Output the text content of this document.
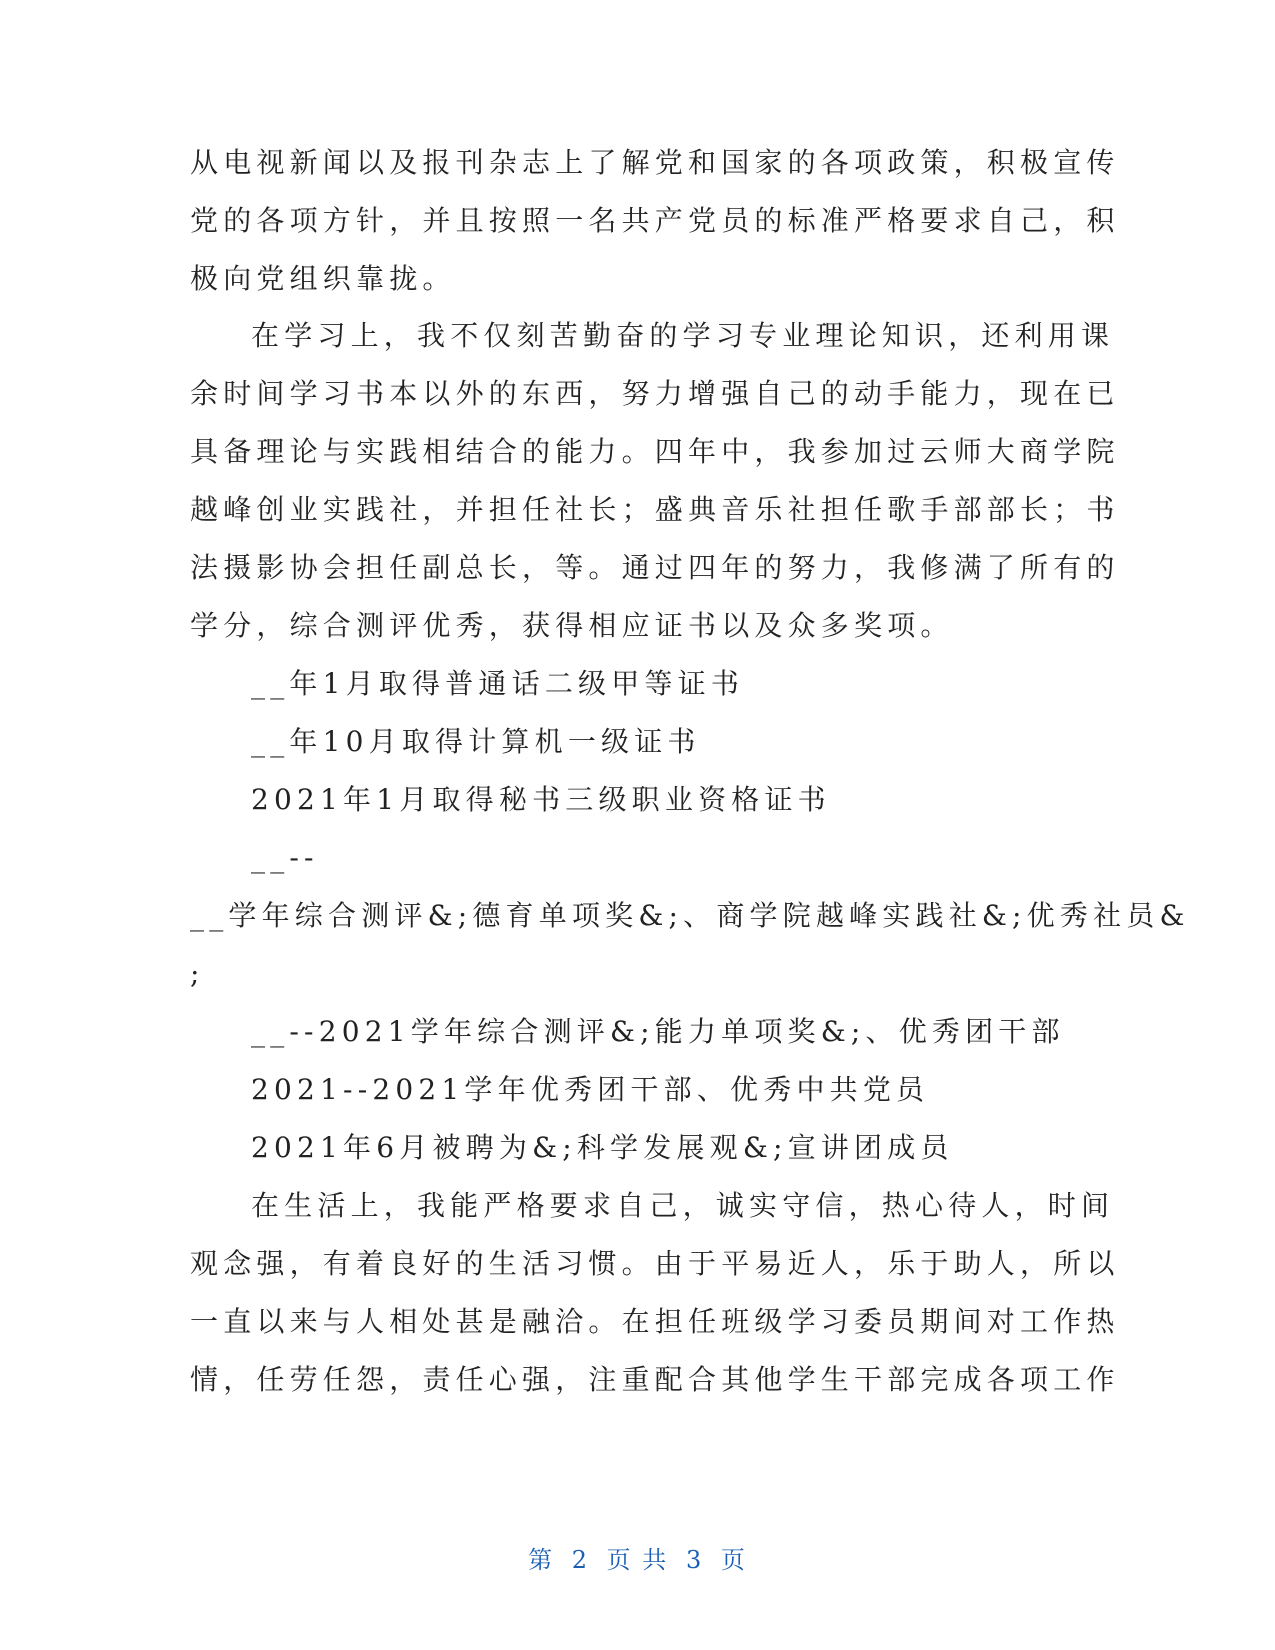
从电视新闻以及报刊杂志上了解党和国家的各项政策，积极宣传
党的各项方针，并且按照一名共产党员的标准严格要求自己，积
极向党组织靠拢。
在学习上，我不仅刻苦勤奋的学习专业理论知识，还利用课
余时间学习书本以外的东西，努力增强自己的动手能力，现在已
具备理论与实践相结合的能力。四年中，我参加过云师大商学院
越峰创业实践社，并担任社长；盛典音乐社担任歌手部部长；书
法摄影协会担任副总长，等。通过四年的努力，我修满了所有的
学分，综合测评优秀，获得相应证书以及众多奖项。
__年1月取得普通话二级甲等证书
__年10月取得计算机一级证书
2021年1月取得秘书三级职业资格证书
__--
__学年综合测评&;德育单项奖&;、商学院越峰实践社&;优秀社员&
;
__--2021学年综合测评&;能力单项奖&;、优秀团干部
2021--2021学年优秀团干部、优秀中共党员
2021年6月被聘为&;科学发展观&;宣讲团成员
在生活上，我能严格要求自己，诚实守信，热心待人，时间
观念强，有着良好的生活习惯。由于平易近人，乐于助人，所以
一直以来与人相处甚是融洽。在担任班级学习委员期间对工作热
情，任劳任怨，责任心强，注重配合其他学生干部完成各项工作
第 2 页 共 3 页
